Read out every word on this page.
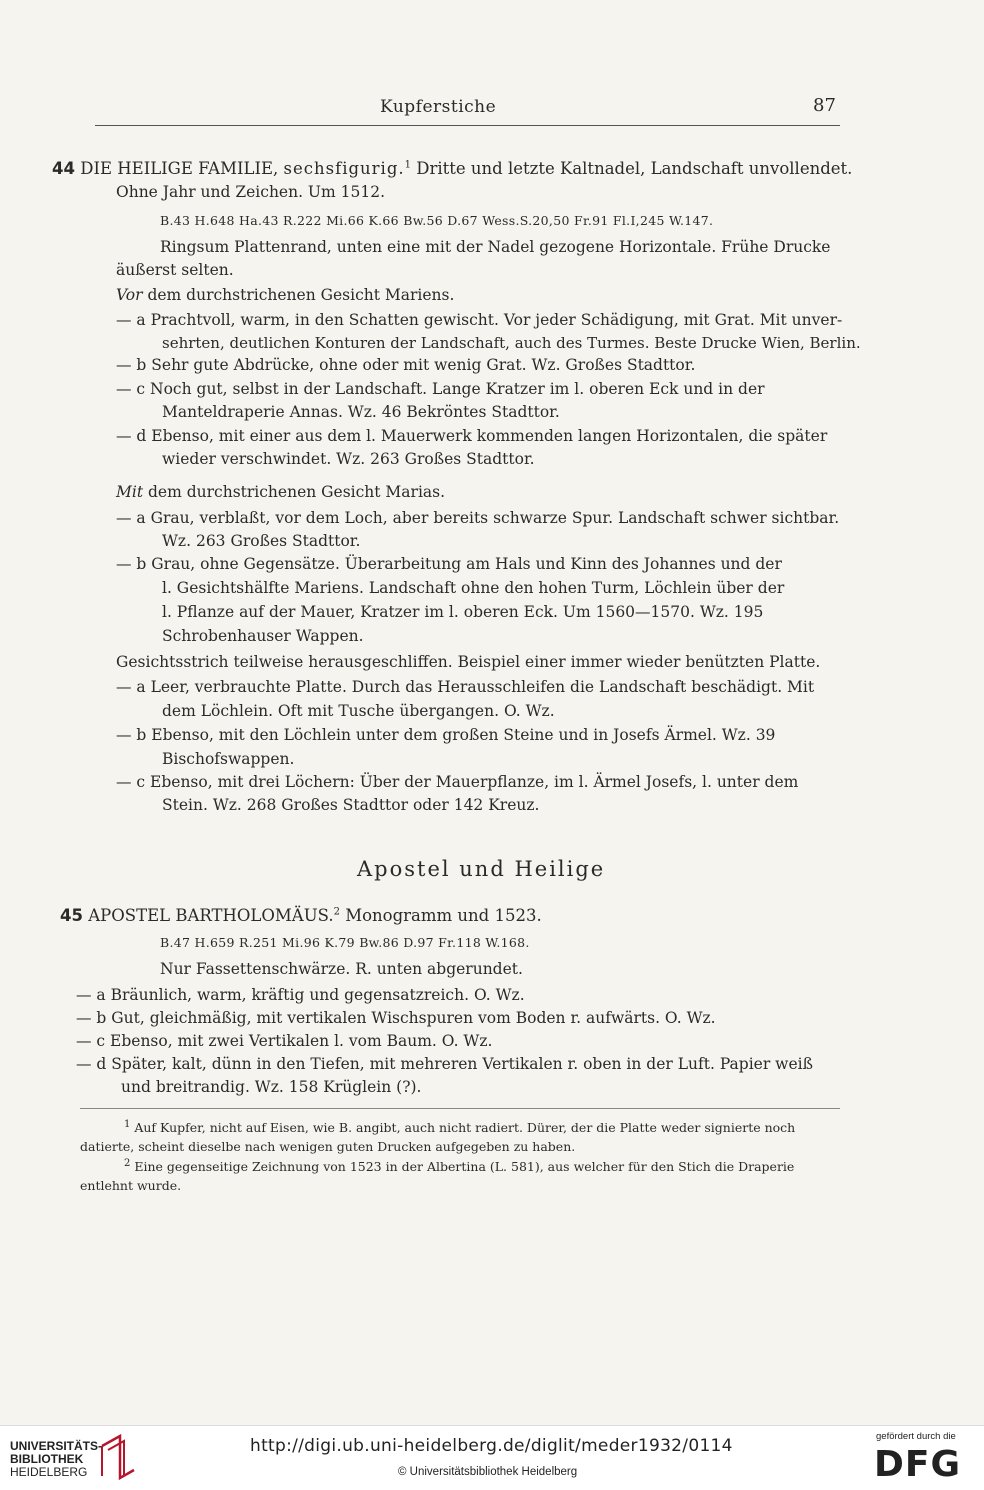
Kupferstiche	87
44 DIE HEILIGE FAMILIE, sechsfigurig.$^1$ Dritte und letzte Kaltnadel, Landschaft unvollendet.
Ohne Jahr und Zeichen. Um 1512.
B.43 H.648 Ha.43 R.222 Mi.66 K.66 Bw.56 D.67 Wess.S.20,50 Fr.91 Fl.I,245 W.147.
Ringsum Plattenrand, unten eine mit der Nadel gezogene Horizontale. Frühe Drucke
äußerst selten.
Vor dem durchstrichenen Gesicht Mariens.
— a Prachtvoll, warm, in den Schatten gewischt. Vor jeder Schädigung, mit Grat. Mit unver-
sehrten, deutlichen Konturen der Landschaft, auch des Turmes. Beste Drucke Wien, Berlin.
— b Sehr gute Abdrücke, ohne oder mit wenig Grat. Wz. Großes Stadttor.
— c Noch gut, selbst in der Landschaft. Lange Kratzer im l. oberen Eck und in der
Manteldraperie Annas. Wz. 46 Bekröntes Stadttor.
— d Ebenso, mit einer aus dem l. Mauerwerk kommenden langen Horizontalen, die später
wieder verschwindet. Wz. 263 Großes Stadttor.
Mit dem durchstrichenen Gesicht Marias.
— a Grau, verblaßt, vor dem Loch, aber bereits schwarze Spur. Landschaft schwer sichtbar.
Wz. 263 Großes Stadttor.
— b Grau, ohne Gegensätze. Überarbeitung am Hals und Kinn des Johannes und der
l. Gesichtshälfte Mariens. Landschaft ohne den hohen Turm, Löchlein über der
l. Pflanze auf der Mauer, Kratzer im l. oberen Eck. Um 1560—1570. Wz. 195
Schrobenhauser Wappen.
Gesichtsstrich teilweise herausgeschliffen. Beispiel einer immer wieder benützten Platte.
— a Leer, verbrauchte Platte. Durch das Herausschleifen die Landschaft beschädigt. Mit
dem Löchlein. Oft mit Tusche übergangen. O. Wz.
— b Ebenso, mit den Löchlein unter dem großen Steine und in Josefs Ärmel. Wz. 39
Bischofswappen.
— c Ebenso, mit drei Löchern: Über der Mauerpflanze, im l. Ärmel Josefs, l. unter dem
Stein. Wz. 268 Großes Stadttor oder 142 Kreuz.
Apostel und Heilige
45 APOSTEL BARTHOLOMÄUS.$^2$ Monogramm und 1523.
B.47 H.659 R.251 Mi.96 K.79 Bw.86 D.97 Fr.118 W.168.
Nur Fassettenschwärze. R. unten abgerundet.
— a Bräunlich, warm, kräftig und gegensatzreich. O. Wz.
— b Gut, gleichmäßig, mit vertikalen Wischspuren vom Boden r. aufwärts. O. Wz.
— c Ebenso, mit zwei Vertikalen l. vom Baum. O. Wz.
— d Später, kalt, dünn in den Tiefen, mit mehreren Vertikalen r. oben in der Luft. Papier weiß
und breitrandig. Wz. 158 Krüglein (?).
$^1$ Auf Kupfer, nicht auf Eisen, wie B. angibt, auch nicht radiert. Dürer, der die Platte weder signierte noch
datierte, scheint dieselbe nach wenigen guten Drucken aufgegeben zu haben.
$^2$ Eine gegenseitige Zeichnung von 1523 in der Albertina (L. 581), aus welcher für den Stich die Draperie
entlehnt wurde.
UNIVERSITÄTS-
BIBLIOTHEK
HEIDELBERG
http://digi.ub.uni-heidelberg.de/diglit/meder1932/0114
© Universitätsbibliothek Heidelberg
gefördert durch die
DFG
